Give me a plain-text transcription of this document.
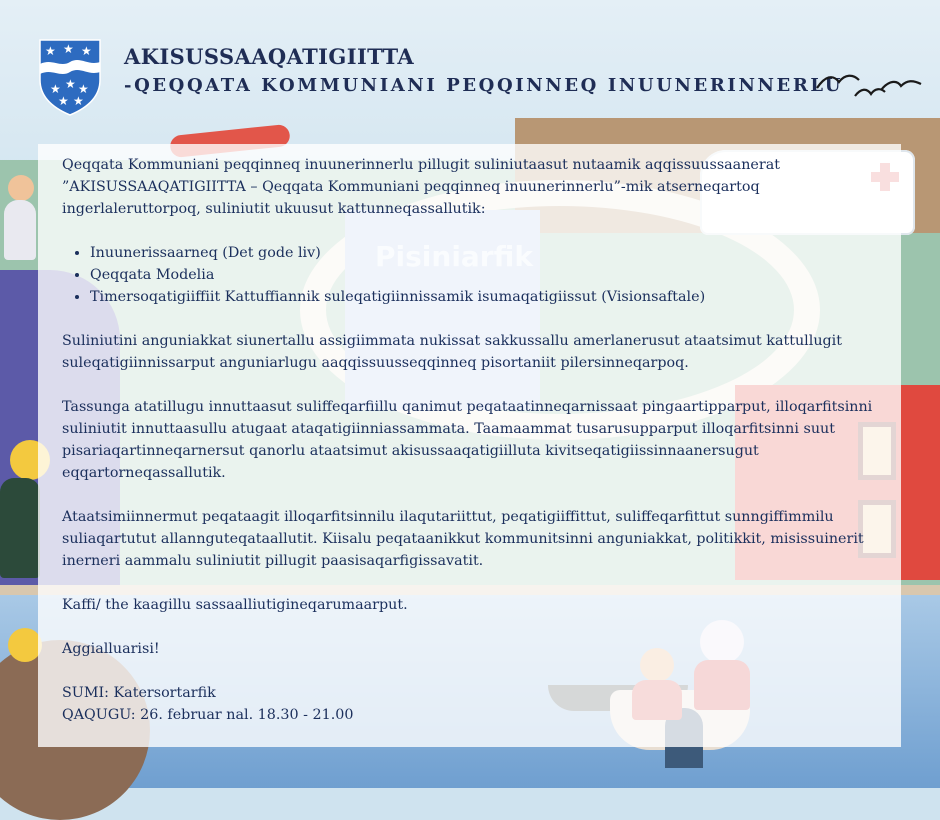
★ ★ ★
★ ★ ★
★ ★
AKISUSSAAQATIGIITTA
-QEQQATA KOMMUNIANI PEQQINNEQ INUUNERINNERLU

Qeqqata Kommuniani peqqinneq inuunerinnerlu pillugit suliniutaasut nutaamik aqqissuussaanerat ”AKISUSSAAQATIGIITTA – Qeqqata Kommuniani peqqinneq inuunerinnerlu”-mik atserneqartoq ingerlaleruttorpoq, suliniutit ukuusut kattunneqassallutik:

• Inuunerissaarneq (Det gode liv)
• Qeqqata Modelia
• Timersoqatigiiffiit Kattuffiannik suleqatigiinnissamik isumaqatigiissut (Visionsaftale)

Suliniutini anguniakkat siunertallu assigiimmata nukissat sakkussallu amerlanerusut ataatsimut kattullugit suleqatigiinnissarput anguniarlugu aaqqissuusseqqinneq pisortaniit pilersinneqarpoq.

Tassunga atatillugu innuttaasut suliffeqarfiillu qanimut peqataatinneqarnissaat pingaartipparput, illoqarfitsinni suliniutit innuttaasullu atugaat ataqatigiinniassammata. Taamaammat tusarusupparput illoqarfitsinni suut pisariaqartinneqarnersut qanorlu ataatsimut akisussaaqatigiilluta kivitseqatigiissinnaanersugut eqqartorneqassallutik.

Ataatsimiinnermut peqataagit illoqarfitsinnilu ilaqutariittut, peqatigiiffittut, suliffeqarfittut sunngiffimmilu suliaqartutut allannguteqataallutit. Kiisalu peqataanikkut kommunitsinni anguniakkat, politikkit, misissuinerit inerneri aammalu suliniutit pillugit paasisaqarfigissavatit.

Kaffi/ the kaagillu sassaalliutigineqarumaarput.

Aggialluarisi!

SUMI: Katersortarfik

QAQUGU: 26. februar nal. 18.30 - 21.00
